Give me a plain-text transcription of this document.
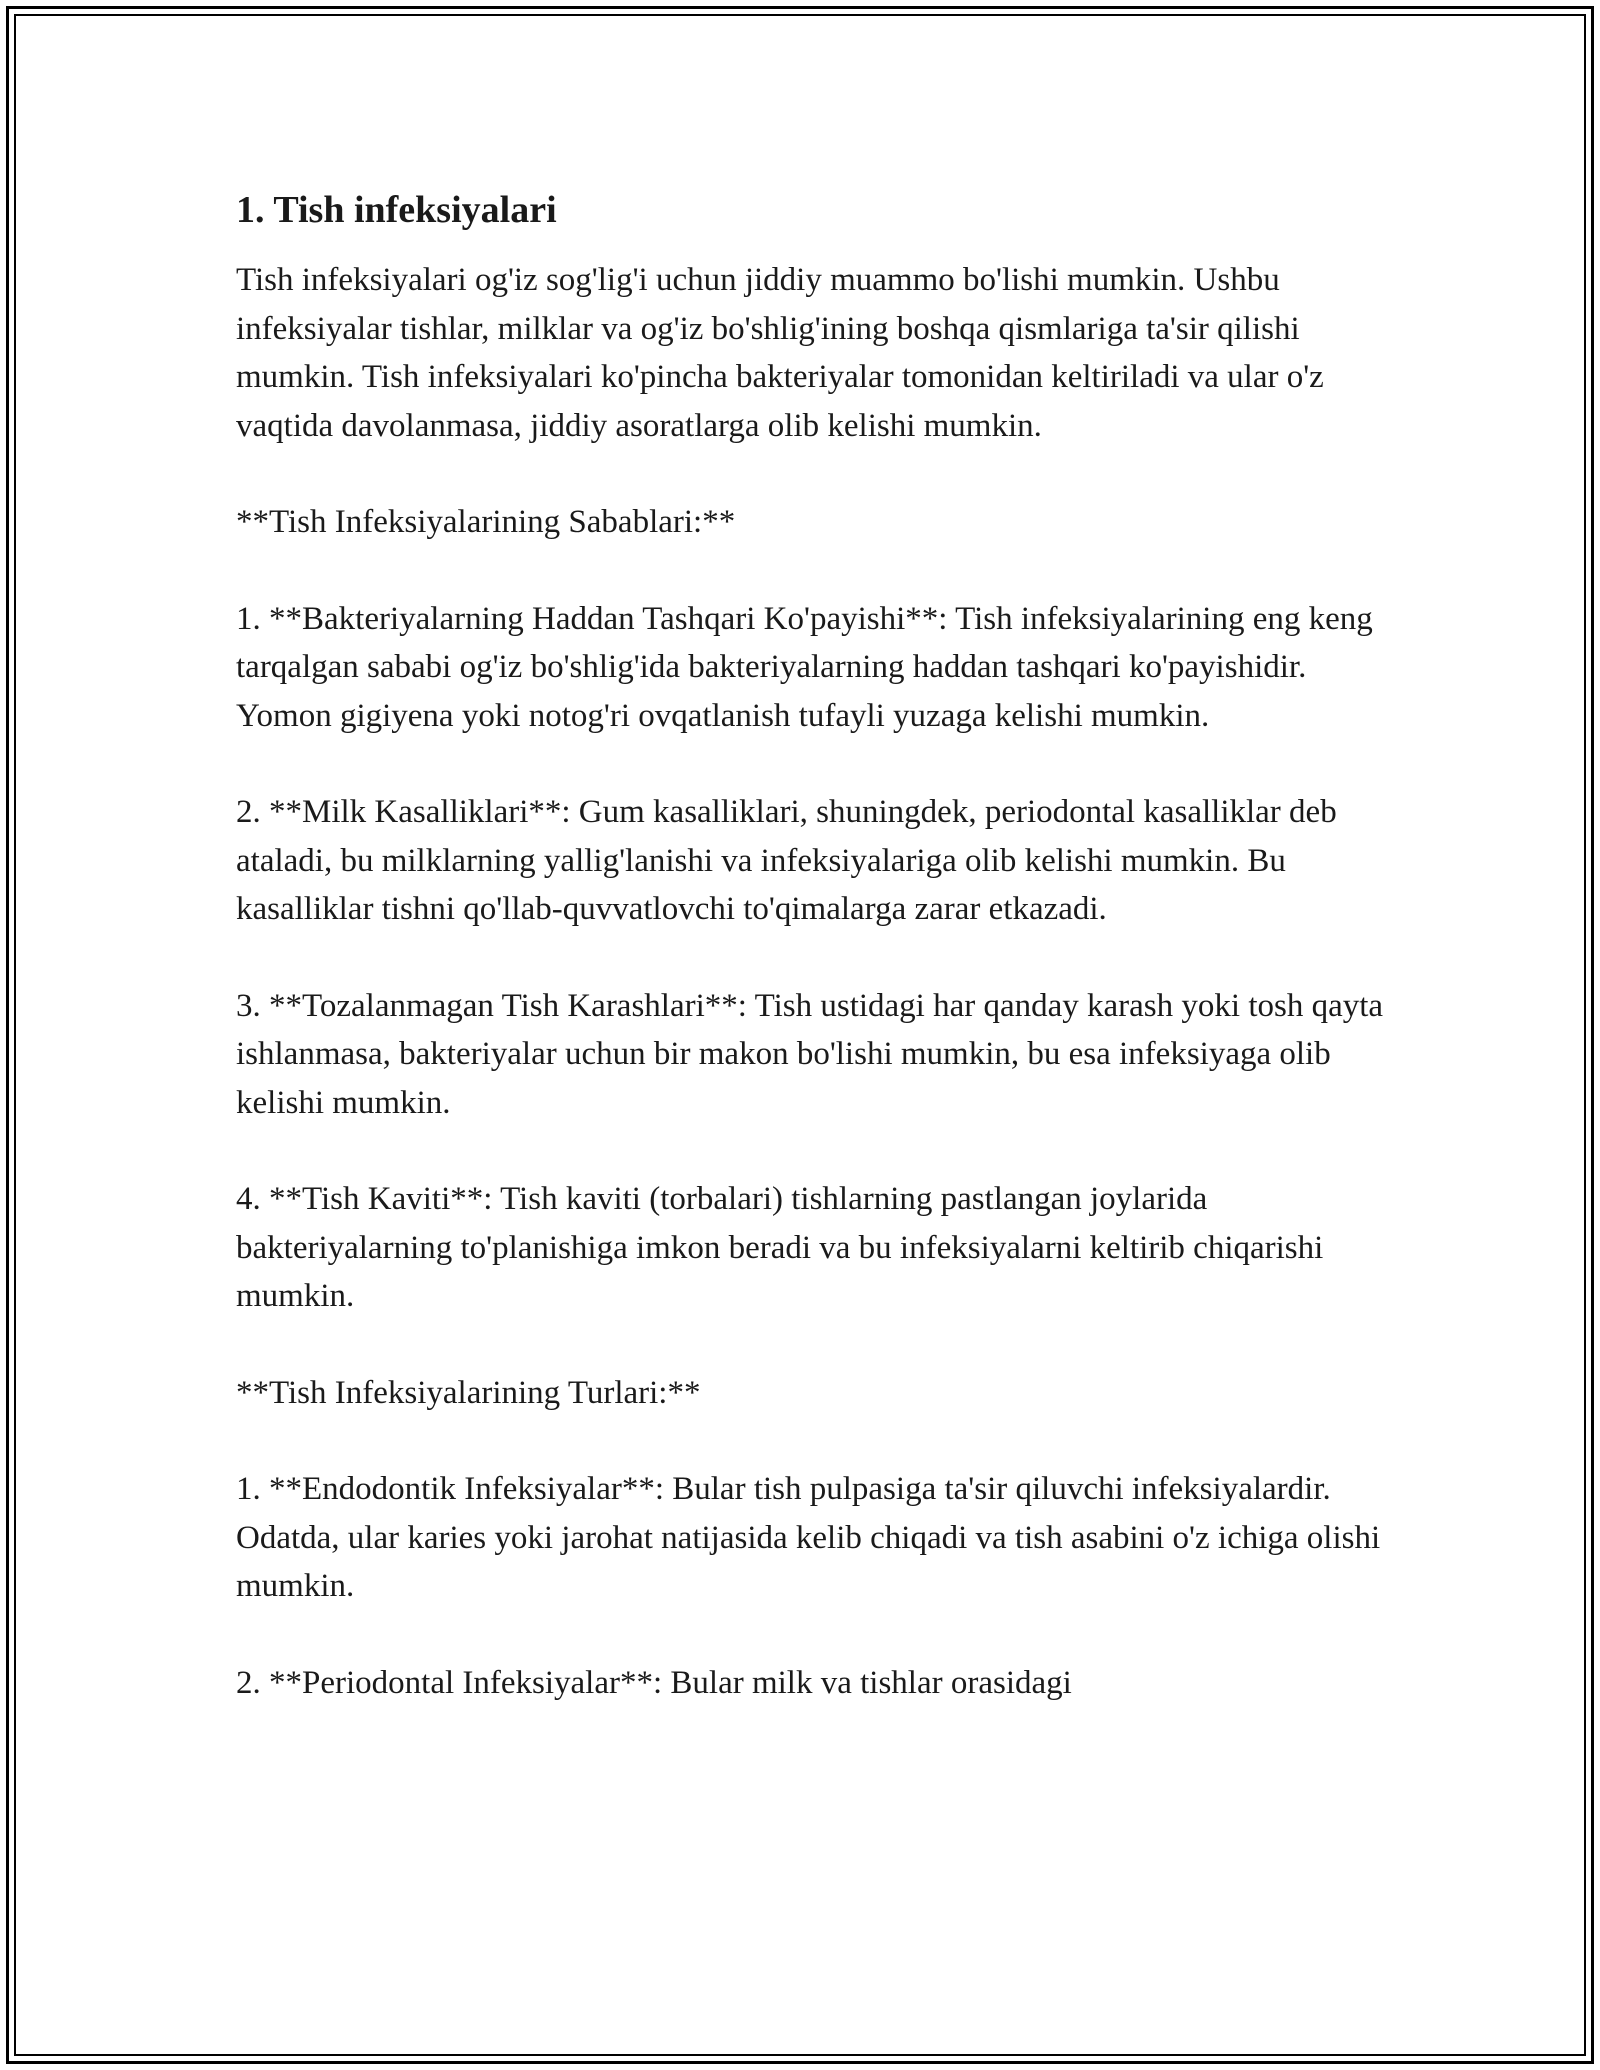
1. Tish infeksiyalari

Tish infeksiyalari og'iz sog'lig'i uchun jiddiy muammo bo'lishi mumkin. Ushbu infeksiyalar tishlar, milklar va og'iz bo'shlig'ining boshqa qismlariga ta'sir qilishi mumkin. Tish infeksiyalari ko'pincha bakteriyalar tomonidan keltiriladi va ular o'z vaqtida davolanmasa, jiddiy asoratlarga olib kelishi mumkin.

**Tish Infeksiyalarining Sabablari:**

1. **Bakteriyalarning Haddan Tashqari Ko'payishi**: Tish infeksiyalarining eng keng tarqalgan sababi og'iz bo'shlig'ida bakteriyalarning haddan tashqari ko'payishidir. Yomon gigiyena yoki notog'ri ovqatlanish tufayli yuzaga kelishi mumkin.

2. **Milk Kasalliklari**: Gum kasalliklari, shuningdek, periodontal kasalliklar deb ataladi, bu milklarning yallig'lanishi va infeksiyalariga olib kelishi mumkin. Bu kasalliklar tishni qo'llab-quvvatlovchi to'qimalarga zarar etkazadi.

3. **Tozalanmagan Tish Karashlari**: Tish ustidagi har qanday karash yoki tosh qayta ishlanmasa, bakteriyalar uchun bir makon bo'lishi mumkin, bu esa infeksiyaga olib kelishi mumkin.

4. **Tish Kaviti**: Tish kaviti (torbalari) tishlarning pastlangan joylarida bakteriyalarning to'planishiga imkon beradi va bu infeksiyalarni keltirib chiqarishi mumkin.

**Tish Infeksiyalarining Turlari:**

1. **Endodontik Infeksiyalar**: Bular tish pulpasiga ta'sir qiluvchi infeksiyalardir. Odatda, ular karies yoki jarohat natijasida kelib chiqadi va tish asabini o'z ichiga olishi mumkin.

2. **Periodontal Infeksiyalar**: Bular milk va tishlar orasidagi
